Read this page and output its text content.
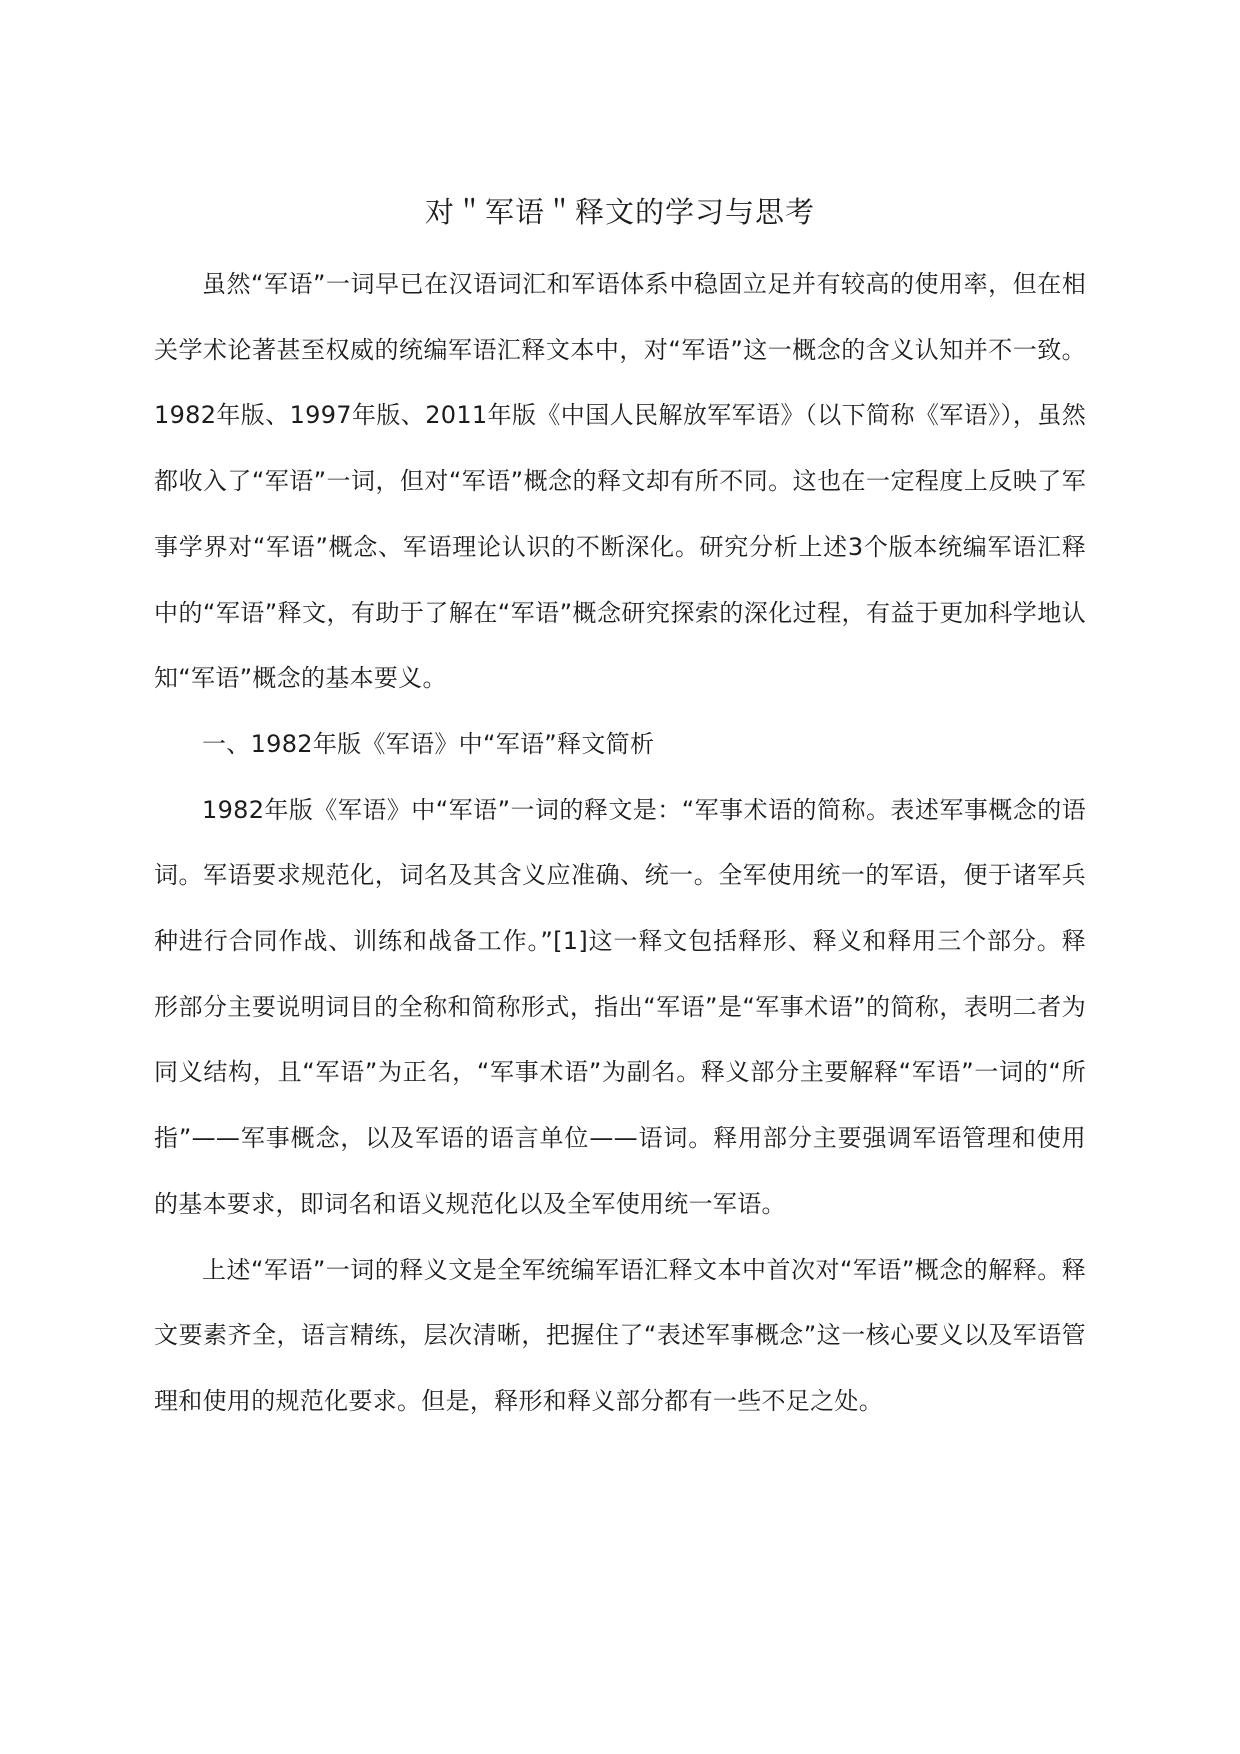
对＂军语＂释文的学习与思考

虽然“军语”一词早已在汉语词汇和军语体系中稳固立足并有较高的使用率，但在相关学术论著甚至权威的统编军语汇释文本中，对“军语”这一概念的含义认知并不一致。1982年版、1997年版、2011年版《中国人民解放军军语》（以下简称《军语》），虽然都收入了“军语”一词，但对“军语”概念的释文却有所不同。这也在一定程度上反映了军事学界对“军语”概念、军语理论认识的不断深化。研究分析上述3个版本统编军语汇释中的“军语”释文，有助于了解在“军语”概念研究探索的深化过程，有益于更加科学地认知“军语”概念的基本要义。

一、1982年版《军语》中“军语”释文简析

1982年版《军语》中“军语”一词的释文是：“军事术语的简称。表述军事概念的语词。军语要求规范化，词名及其含义应准确、统一。全军使用统一的军语，便于诸军兵种进行合同作战、训练和战备工作。”[1]这一释文包括释形、释义和释用三个部分。释形部分主要说明词目的全称和简称形式，指出“军语”是“军事术语”的简称，表明二者为同义结构，且“军语”为正名，“军事术语”为副名。释义部分主要解释“军语”一词的“所指”——军事概念，以及军语的语言单位——语词。释用部分主要强调军语管理和使用的基本要求，即词名和语义规范化以及全军使用统一军语。

上述“军语”一词的释义文是全军统编军语汇释文本中首次对“军语”概念的解释。释文要素齐全，语言精练，层次清晰，把握住了“表述军事概念”这一核心要义以及军语管理和使用的规范化要求。但是，释形和释义部分都有一些不足之处。
